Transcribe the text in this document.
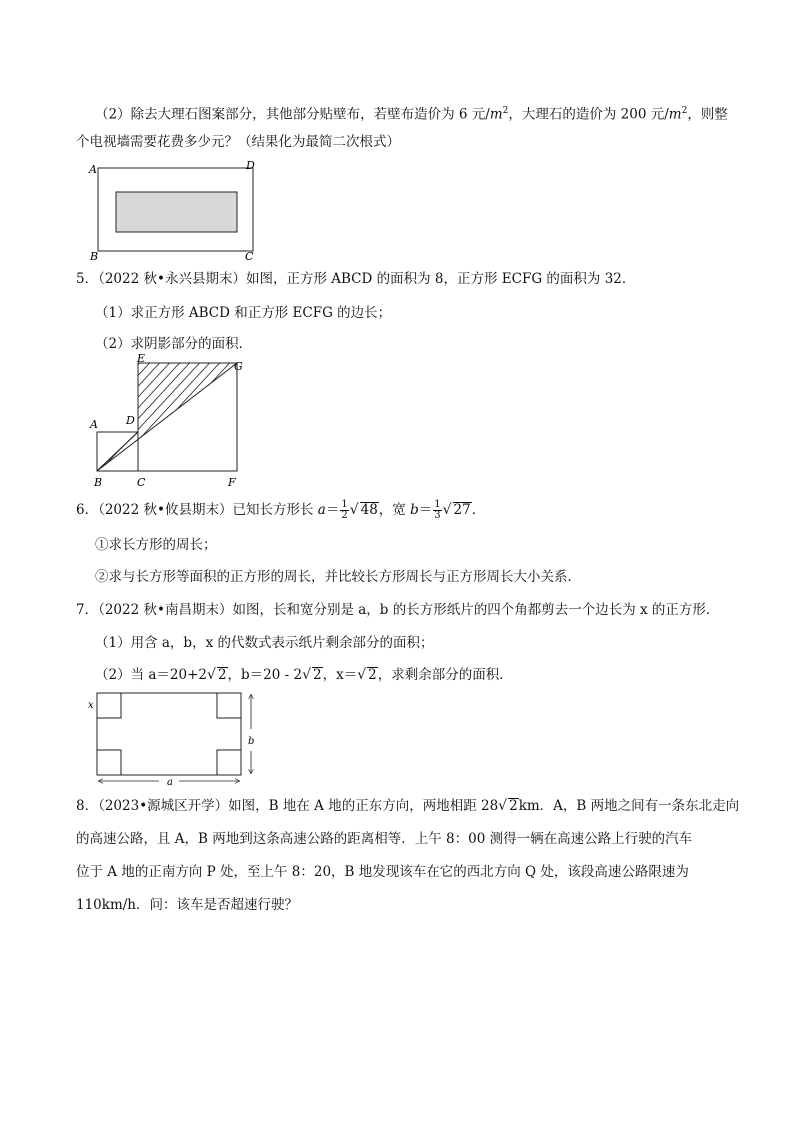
（2）除去大理石图案部分，其他部分贴壁布，若壁布造价为 6 元$/m^2$，大理石的造价为 200 元$/m^2$，则整
个电视墙需要花费多少元？（结果化为最简二次根式）
A	D
B	C
5．（2022 秋•永兴县期末）如图，正方形 ABCD 的面积为 8，正方形 ECFG 的面积为 32．
（1）求正方形 ABCD 和正方形 ECFG 的边长；
（2）求阴影部分的面积．
E
G
A	D
B	C	F
6．（2022 秋•攸县期末）已知长方形长 $a= \frac{1}{2}$ √ 48，宽 $b= \frac{1}{3}$ √ 27．
①求长方形的周长；
②求与长方形等面积的正方形的周长，并比较长方形周长与正方形周长大小关系．
7．（2022 秋•南昌期末）如图，长和宽分别是 a，b 的长方形纸片的四个角都剪去一个边长为 x 的正方形．
（1）用含 a，b，x 的代数式表示纸片剩余部分的面积；
（2）当 a＝20+2√ 2，b＝20 - 2√ 2，x＝√ 2，求剩余部分的面积．
x
a
b
8．（2023•源城区开学）如图，B 地在 A 地的正东方向，两地相距 28√ 2km．A，B 两地之间有一条东北走向
的高速公路，且 A，B 两地到这条高速公路的距离相等．上午 8：00 测得一辆在高速公路上行驶的汽车
位于 A 地的正南方向 P 处，至上午 8：20，B 地发现该车在它的西北方向 Q 处，该段高速公路限速为
110km/h．问：该车是否超速行驶？
